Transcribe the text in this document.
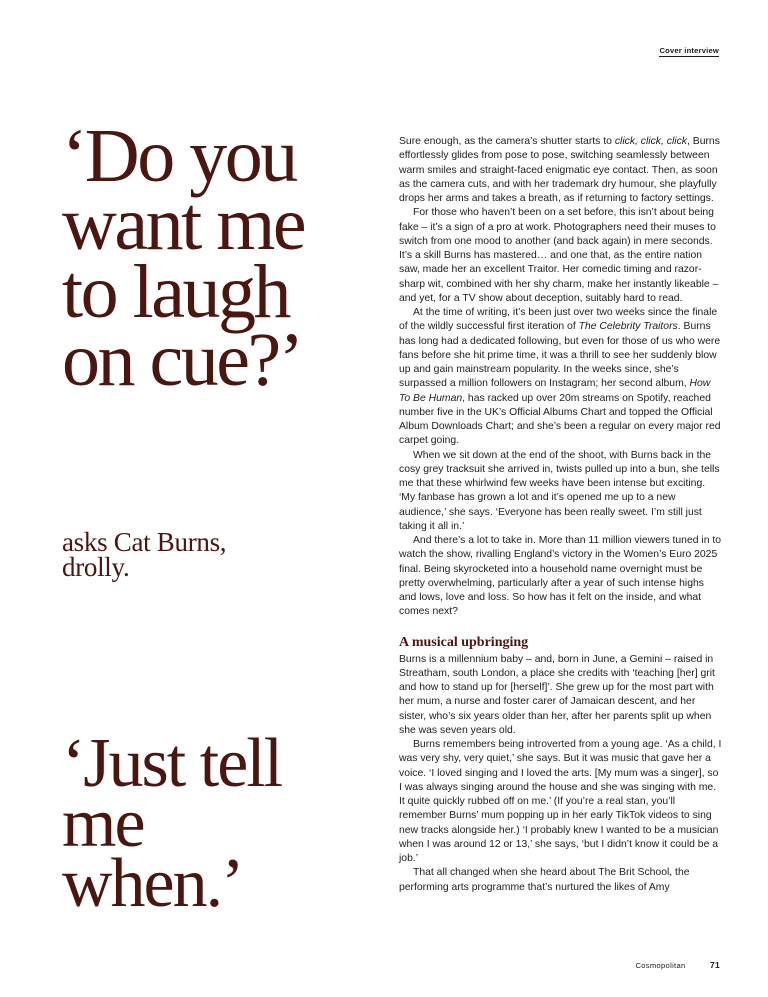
Cover interview
‘Do you want me to laugh on cue?’
asks Cat Burns, drolly.
‘Just tell me when.’

Sure enough, as the camera’s shutter starts to click, click, click, Burns effortlessly glides from pose to pose, switching seamlessly between warm smiles and straight-faced enigmatic eye contact. Then, as soon as the camera cuts, and with her trademark dry humour, she playfully drops her arms and takes a breath, as if returning to factory settings.

For those who haven’t been on a set before, this isn’t about being fake – it’s a sign of a pro at work. Photographers need their muses to switch from one mood to another (and back again) in mere seconds. It’s a skill Burns has mastered… and one that, as the entire nation saw, made her an excellent Traitor. Her comedic timing and razor-sharp wit, combined with her shy charm, make her instantly likeable – and yet, for a TV show about deception, suitably hard to read.

At the time of writing, it’s been just over two weeks since the finale of the wildly successful first iteration of The Celebrity Traitors. Burns has long had a dedicated following, but even for those of us who were fans before she hit prime time, it was a thrill to see her suddenly blow up and gain mainstream popularity. In the weeks since, she’s surpassed a million followers on Instagram; her second album, How To Be Human, has racked up over 20m streams on Spotify, reached number five in the UK’s Official Albums Chart and topped the Official Album Downloads Chart; and she’s been a regular on every major red carpet going.

When we sit down at the end of the shoot, with Burns back in the cosy grey tracksuit she arrived in, twists pulled up into a bun, she tells me that these whirlwind few weeks have been intense but exciting. ‘My fanbase has grown a lot and it’s opened me up to a new audience,’ she says. ‘Everyone has been really sweet. I’m still just taking it all in.’

And there’s a lot to take in. More than 11 million viewers tuned in to watch the show, rivalling England’s victory in the Women’s Euro 2025 final. Being skyrocketed into a household name overnight must be pretty overwhelming, particularly after a year of such intense highs and lows, love and loss. So how has it felt on the inside, and what comes next?

A musical upbringing

Burns is a millennium baby – and, born in June, a Gemini – raised in Streatham, south London, a place she credits with ‘teaching [her] grit and how to stand up for [herself]’. She grew up for the most part with her mum, a nurse and foster carer of Jamaican descent, and her sister, who’s six years older than her, after her parents split up when she was seven years old.

Burns remembers being introverted from a young age. ‘As a child, I was very shy, very quiet,’ she says. But it was music that gave her a voice. ‘I loved singing and I loved the arts. [My mum was a singer], so I was always singing around the house and she was singing with me. It quite quickly rubbed off on me.’ (If you’re a real stan, you’ll remember Burns’ mum popping up in her early TikTok videos to sing new tracks alongside her.) ‘I probably knew I wanted to be a musician when I was around 12 or 13,’ she says, ‘but I didn’t know it could be a job.’

That all changed when she heard about The Brit School, the performing arts programme that’s nurtured the likes of Amy

Cosmopolitan	71
